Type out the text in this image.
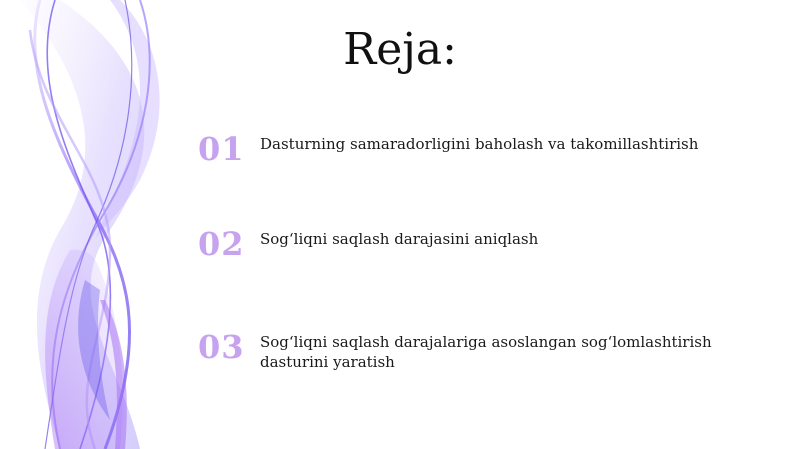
Reja:
01 Dasturning samaradorligini baholash va takomillashtirish
02 Sog‘liqni saqlash darajasini aniqlash
03 Sog‘liqni saqlash darajalariga asoslangan sog‘lomlashtirish dasturini yaratish
